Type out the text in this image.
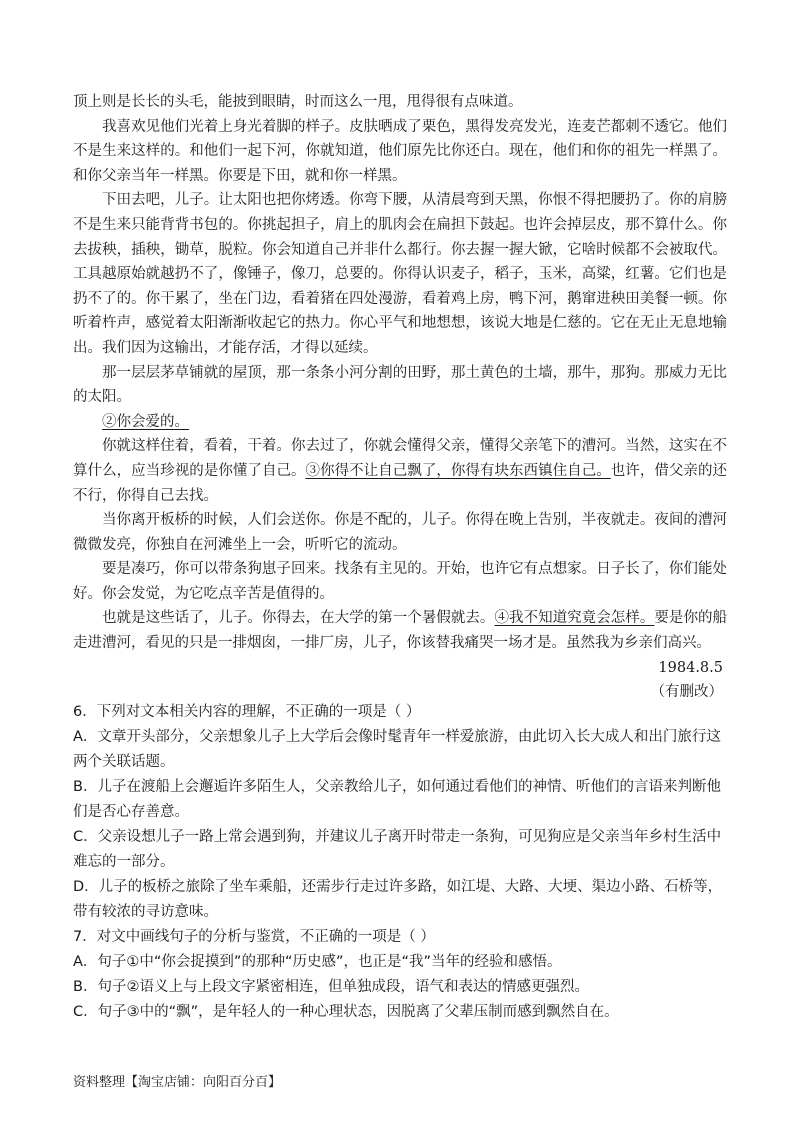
顶上则是长长的头毛，能披到眼睛，时而这么一甩，甩得很有点味道。

我喜欢见他们光着上身光着脚的样子。皮肤晒成了栗色，黑得发亮发光，连麦芒都刺不透它。他们不是生来这样的。和他们一起下河，你就知道，他们原先比你还白。现在，他们和你的祖先一样黑了。和你父亲当年一样黑。你要是下田，就和你一样黑。

下田去吧，儿子。让太阳也把你烤透。你弯下腰，从清晨弯到天黑，你恨不得把腰扔了。你的肩膀不是生来只能背背书包的。你挑起担子，肩上的肌肉会在扁担下鼓起。也许会掉层皮，那不算什么。你去拔秧，插秧，锄草，脱粒。你会知道自己并非什么都行。你去握一握大锨，它啥时候都不会被取代。工具越原始就越扔不了，像锤子，像刀，总要的。你得认识麦子，稻子，玉米，高粱，红薯。它们也是扔不了的。你干累了，坐在门边，看着猪在四处漫游，看着鸡上房，鸭下河，鹅窜进秧田美餐一顿。你听着杵声，感觉着太阳渐渐收起它的热力。你心平气和地想想，该说大地是仁慈的。它在无止无息地输出。我们因为这输出，才能存活，才得以延续。

那一层层茅草铺就的屋顶，那一条条小河分割的田野，那土黄色的土墙，那牛，那狗。那威力无比的太阳。

②你会爱的。

你就这样住着，看着，干着。你去过了，你就会懂得父亲，懂得父亲笔下的漕河。当然，这实在不算什么，应当珍视的是你懂了自己。③你得不让自己飘了，你得有块东西镇住自己。也许，借父亲的还不行，你得自己去找。

当你离开板桥的时候，人们会送你。你是不配的，儿子。你得在晚上告别，半夜就走。夜间的漕河微微发亮，你独自在河滩坐上一会，听听它的流动。

要是凑巧，你可以带条狗崽子回来。找条有主见的。开始，也许它有点想家。日子长了，你们能处好。你会发觉，为它吃点辛苦是值得的。

也就是这些话了，儿子。你得去，在大学的第一个暑假就去。④我不知道究竟会怎样。要是你的船走进漕河，看见的只是一排烟囱，一排厂房，儿子，你该替我痛哭一场才是。虽然我为乡亲们高兴。

1984.8.5

（有删改）

6．下列对文本相关内容的理解，不正确的一项是（ ）

A．文章开头部分，父亲想象儿子上大学后会像时髦青年一样爱旅游，由此切入长大成人和出门旅行这两个关联话题。

B．儿子在渡船上会邂逅许多陌生人，父亲教给儿子，如何通过看他们的神情、听他们的言语来判断他们是否心存善意。

C．父亲设想儿子一路上常会遇到狗，并建议儿子离开时带走一条狗，可见狗应是父亲当年乡村生活中难忘的一部分。

D．儿子的板桥之旅除了坐车乘船，还需步行走过许多路，如江堤、大路、大埂、渠边小路、石桥等，带有较浓的寻访意味。

7．对文中画线句子的分析与鉴赏，不正确的一项是（ ）

A．句子①中“你会捉摸到”的那种“历史感”，也正是“我”当年的经验和感悟。

B．句子②语义上与上段文字紧密相连，但单独成段，语气和表达的情感更强烈。

C．句子③中的“飘”，是年轻人的一种心理状态，因脱离了父辈压制而感到飘然自在。

资料整理【淘宝店铺：向阳百分百】
